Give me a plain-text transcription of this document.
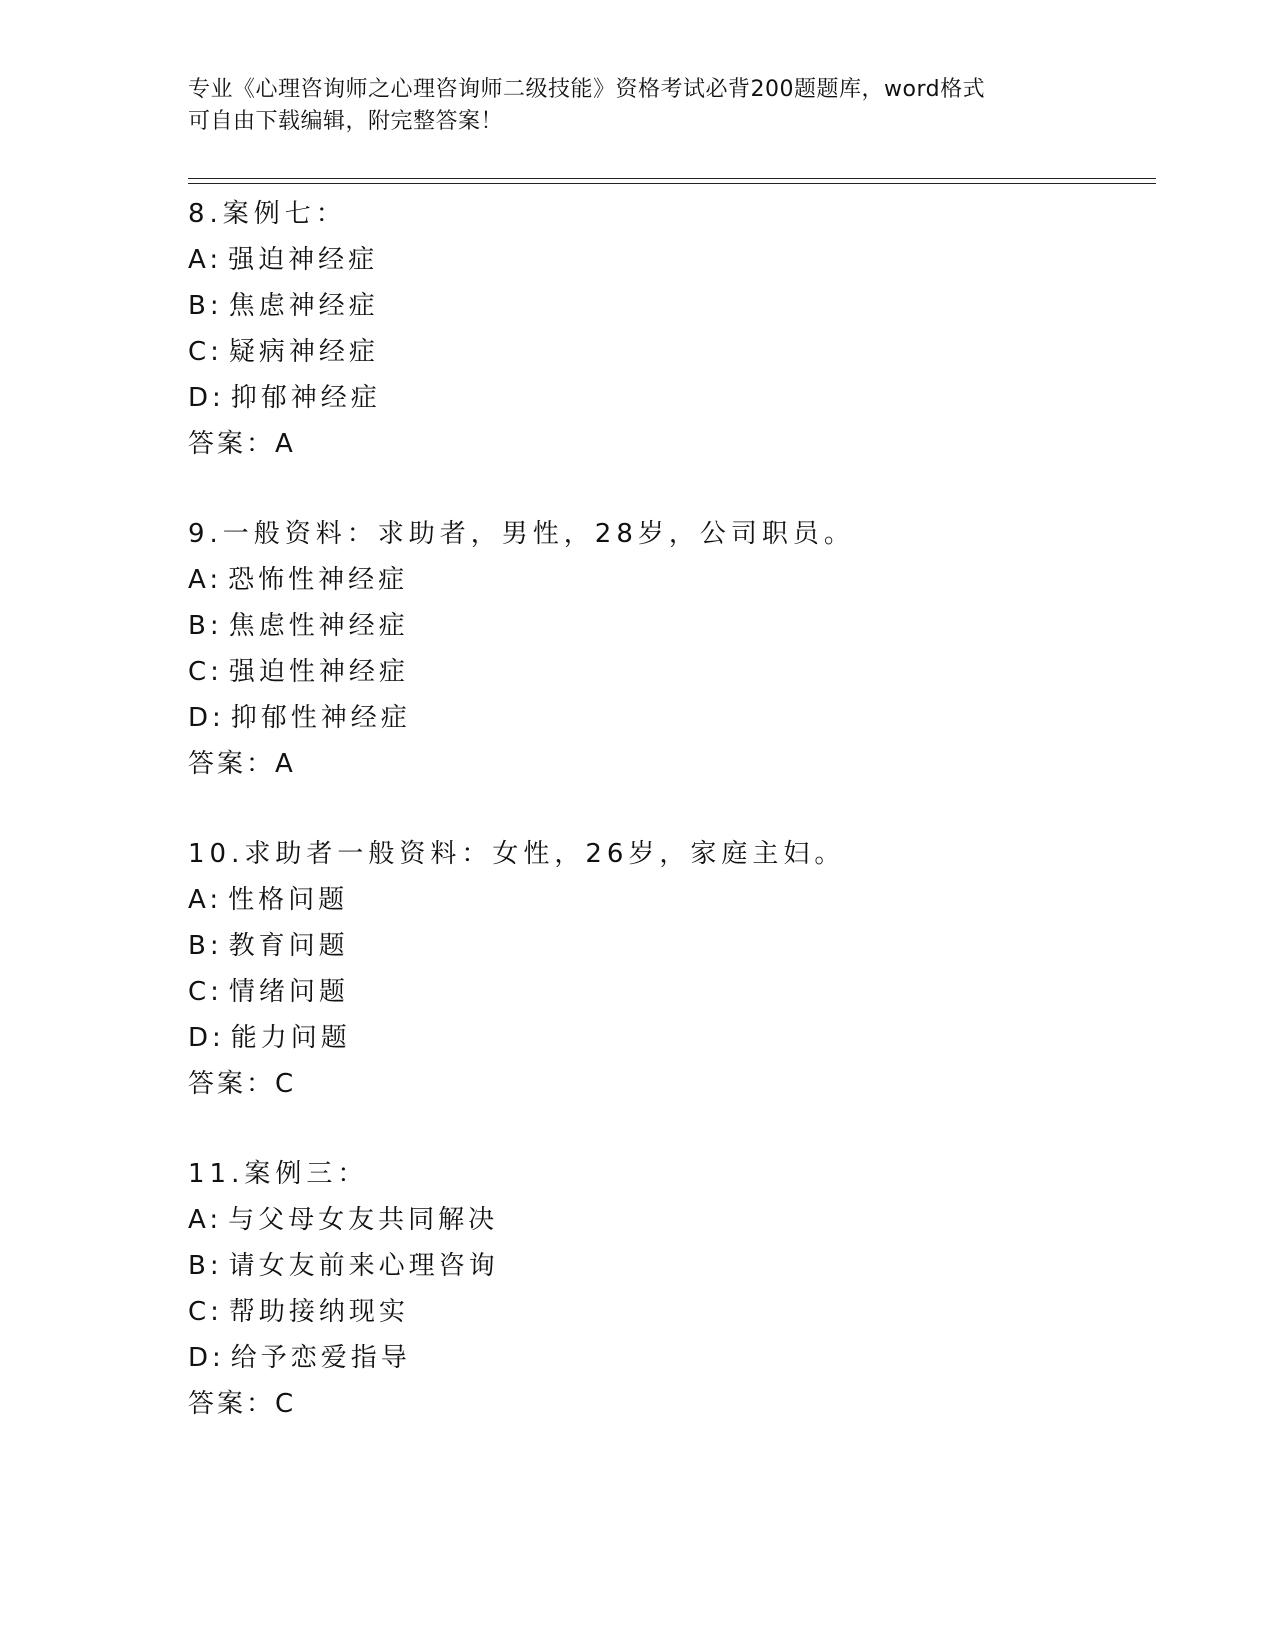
专业《心理咨询师之心理咨询师二级技能》资格考试必背200题题库，word格式
可自由下载编辑，附完整答案！
8.案例七：
A: 强迫神经症
B: 焦虑神经症
C: 疑病神经症
D: 抑郁神经症
答案：A
9.一般资料：求助者，男性，28岁，公司职员。
A: 恐怖性神经症
B: 焦虑性神经症
C: 强迫性神经症
D: 抑郁性神经症
答案：A
10.求助者一般资料：女性，26岁，家庭主妇。
A: 性格问题
B: 教育问题
C: 情绪问题
D: 能力问题
答案：C
11.案例三：
A: 与父母女友共同解决
B: 请女友前来心理咨询
C: 帮助接纳现实
D: 给予恋爱指导
答案：C
